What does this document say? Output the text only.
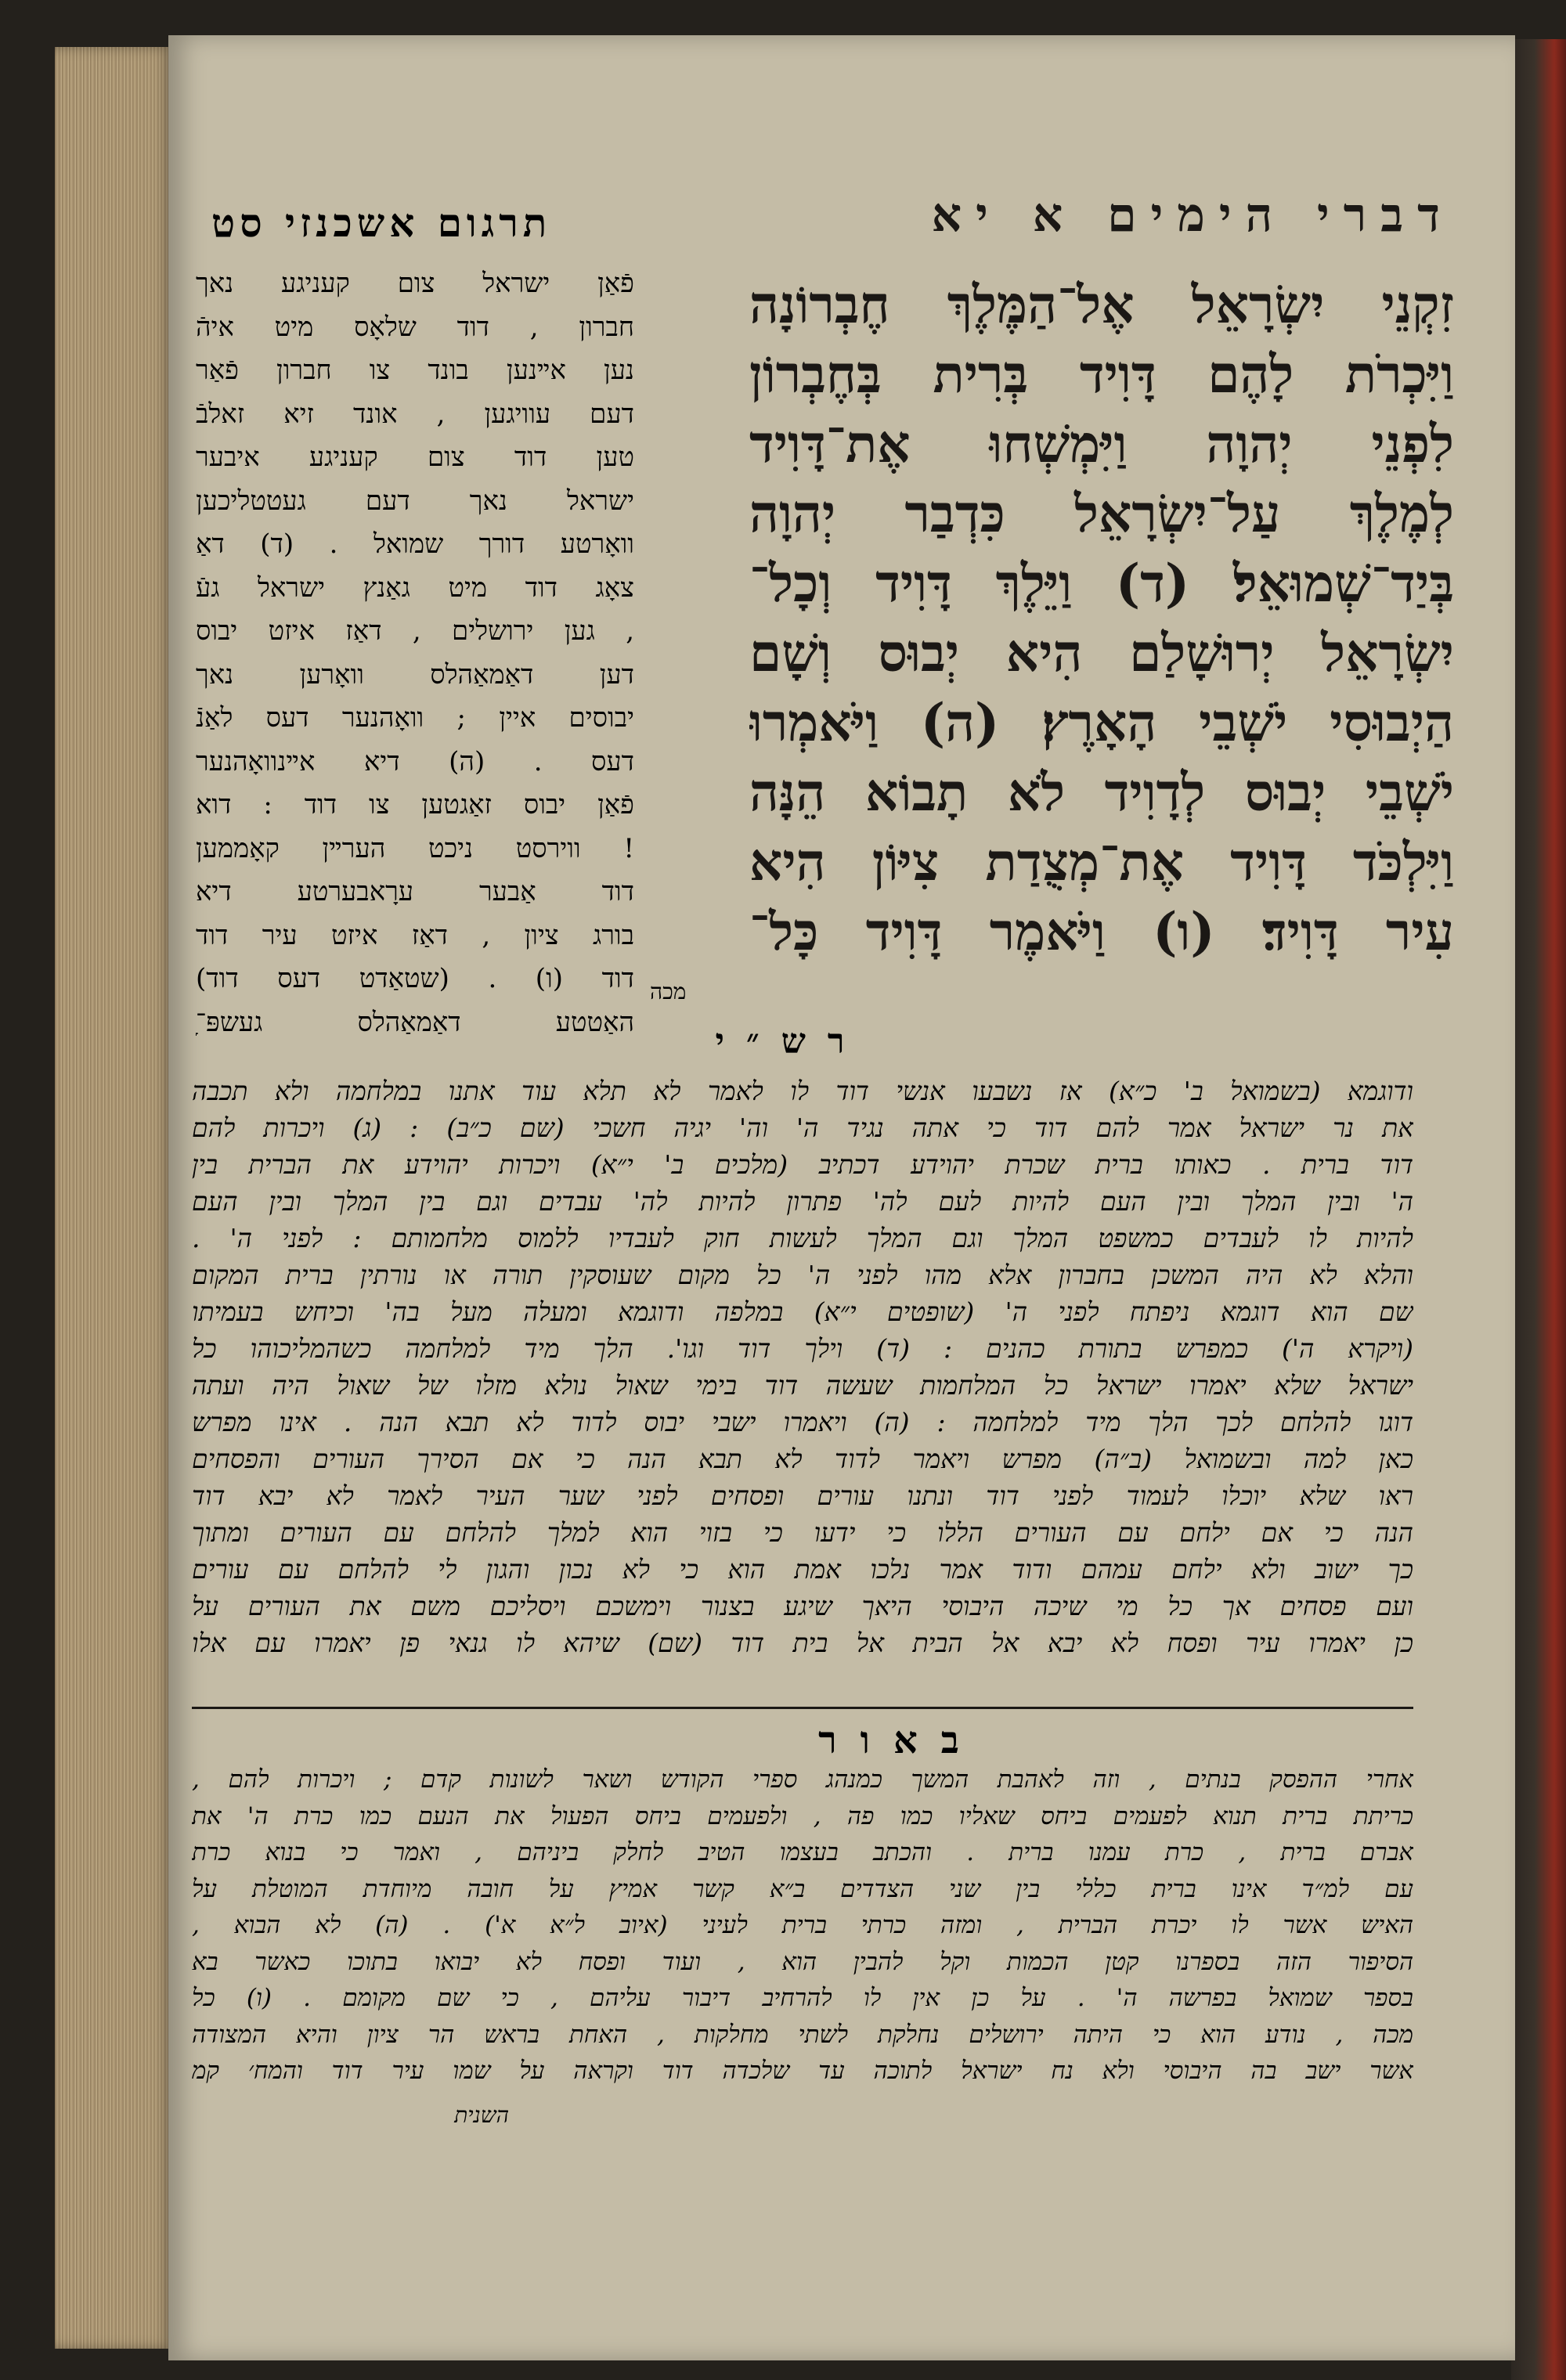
דברי הימים א יא
זִקְנֵי יִשְׂרָאֵל אֶל־הַמֶּלֶךְ חֶבְרוֹנָה
וַיִּכְרֹת לָהֶם דָּוִיד בְּרִית בְּחֶבְרוֹן
לִפְנֵי יְהוָה וַיִּמְשְׁחוּ אֶת־דָּוִיד
לְמֶלֶךְ עַל־יִשְׂרָאֵל כִּדְבַר יְהוָה
בְּיַד־שְׁמוּאֵל׃ (ד) וַיֵּלֶךְ דָּוִיד וְכָל־
יִשְׂרָאֵל יְרוּשָׁלַם הִיא יְבוּס וְשָׁם
הַיְבוּסִי יֹשְׁבֵי הָאָרֶץ׃ (ה) וַיֹּאמְרוּ
יֹשְׁבֵי יְבוּס לְדָוִיד לֹא תָבוֹא הֵנָּה
וַיִּלְכֹּד דָּוִיד אֶת־מְצֻדַת צִיּוֹן הִיא
עִיר דָּוִיד׃ (ו) וַיֹּאמֶר דָּוִיד כָּל־
מכה
תרגום אשכנזי סט
פֿאַן ישראל צום קעניגע נאך
חברון , דוד שלאָס מיט איהֿ
נען אײנען בונד צו חברון פֿאַר
דעם עוויגען , אונד זיא זאלבֿ
טען דוד צום קעניגע איבער
ישראל נאך דעם געטטליכען
וואָרטע דורך שמואל . (ד) דאַ
צאָג דוד מיט גאַנץ ישראל געֿ
גען ירושלים , דאַז איזט יבוס ,
דען דאַמאַהלס וואָרען נאך
יבוסים איין ; וואָהנער דעס לאַנֿ
דעס . (ה) דיא אײנוואָהנער
פֿאַן יבוס זאַגטען צו דוד : דוא
ווירסט ניכט הערײן קאָממען !
דוד אַבער ערָאבערטע דיא
בורג ציון , דאַז איזט עיר דוד
(שטאַדט דעס דוד) . (ו) דוד
האַטטע דאַמאַהלס געשפּ־ָ	רש״י
ודוגמא (בשמואל ב' כ״א) אז נשבעו אנשי דוד לו לאמר לא תלא עוד אתנו במלחמה ולא תכבה
את נר ישראל אמר להם דוד כי אתה נגיד ה' וה' יגיה חשכי (שם כ״ב) : (ג) ויכרות להם
דוד ברית . כאותו ברית שכרת יהוידע דכתיב (מלכים ב' י״א) ויכרות יהוידע את הברית בין
ה' ובין המלך ובין העם להיות לעם לה' פתרון להיות לה' עבדים וגם בין המלך ובין העם
להיות לו לעבדים כמשפט המלך וגם המלך לעשות חוק לעבדיו ללמוס מלחמותם : לפני ה' .
והלא לא היה המשכן בחברון אלא מהו לפני ה' כל מקום שעוסקין תורה או נורתין ברית המקום
שם הוא דוגמא ניפתח לפני ה' (שופטים י״א) במלפה ודוגמא ומעלה מעל בה' וכיחש בעמיתו
(ויקרא ה') כמפרש בתורת כהנים : (ד) וילך דוד וגו'. הלך מיד למלחמה כשהמליכוהו כל
ישראל שלא יאמרו ישראל כל המלחמות שעשה דוד בימי שאול נולא מזלו של שאול היה ועתה
דוגו להלחם לכך הלך מיד למלחמה : (ה) ויאמרו ישבי יבוס לדוד לא תבא הנה . אינו מפרש
כאן למה ובשמואל (ב״ה) מפרש ויאמר לדוד לא תבא הנה כי אם הסירך העורים והפסחים
ראו שלא יוכלו לעמוד לפני דוד ונתנו עורים ופסחים לפני שער העיר לאמר לא יבא דוד
הנה כי אם ילחם עם העורים הללו כי ידעו כי בזוי הוא למלך להלחם עם העורים ומתוך
כך ישוב ולא ילחם עמהם ודוד אמר נלכו אמת הוא כי לא נכון והגון לי להלחם עם עורים
ועם פסחים אך כל מי שיכה היבוסי היאך שיגע בצנור וימשכם ויסליכם משם את העורים על
כן יאמרו עיר ופסח לא יבא אל הבית אל בית דוד (שם) שיהא לו גנאי פן יאמרו עם אלו
באור
אחרי ההפסק בנתים , וזה לאהבת המשך כמנהג ספרי הקודש ושאר לשונות קדם ; ויכרות להם ,
כריתת ברית תנוא לפעמים ביחס שאליו כמו פה , ולפעמים ביחס הפעול את הנעם כמו כרת ה' את
אברם ברית , כרת עמנו ברית . והכתב בעצמו הטיב לחלק ביניהם , ואמר כי בנוא כרת
עם למ״ד אינו ברית כללי בין שני הצדדים ב״א קשר אמיץ על חובה מיוחדת המוטלת על
האיש אשר לו יכרת הברית , ומזה כרתי ברית לעיני (איוב ל״א א') . (ה) לא הבוא ,
הסיפור הזה בספרנו קטן הכמות וקל להבין הוא , ועוד ופסח לא יבואו בתוכו כאשר בא
בספר שמואל בפרשה ה' . על כן אין לו להרחיב דיבור עליהם , כי שם מקומם . (ו) כל
מכה , נודע הוא כי היתה ירושלים נחלקת לשתי מחלקות , האחת בראש הר ציון והיא המצודה
אשר ישב בה היבוסי ולא נח ישראל לתוכה עד שלכדה דוד וקראה על שמו עיר דוד והמח׳ קמ
השנית
